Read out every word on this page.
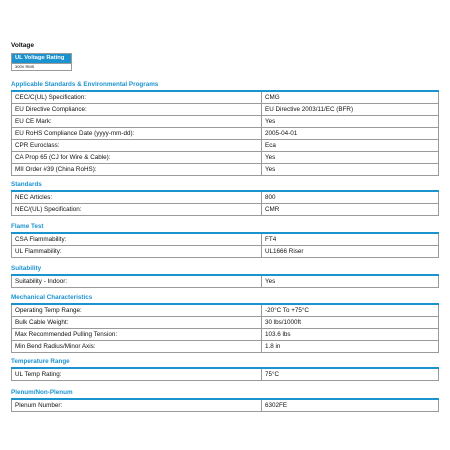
Voltage
UL Voltage Rating
300V RMS
Applicable Standards & Environmental Programs
CEC/C(UL) Specification:	CMG
EU Directive Compliance:	EU Directive 2003/11/EC (BFR)
EU CE Mark:	Yes
EU RoHS Compliance Date (yyyy-mm-dd):	2005-04-01
CPR Euroclass:	Eca
CA Prop 65 (CJ for Wire & Cable):	Yes
MII Order #39 (China RoHS):	Yes
Standards
NEC Articles:	800
NEC/(UL) Specification:	CMR
Flame Test
CSA Flammability:	FT4
UL Flammability:	UL1666 Riser
Suitability
Suitability - Indoor:	Yes
Mechanical Characteristics
Operating Temp Range:	-20°C To +75°C
Bulk Cable Weight:	30 lbs/1000ft
Max Recommended Pulling Tension:	103.6 lbs
Min Bend Radius/Minor Axis:	1.8 in
Temperature Range
UL Temp Rating:	75°C
Plenum/Non-Plenum
Plenum Number:	6302FE
